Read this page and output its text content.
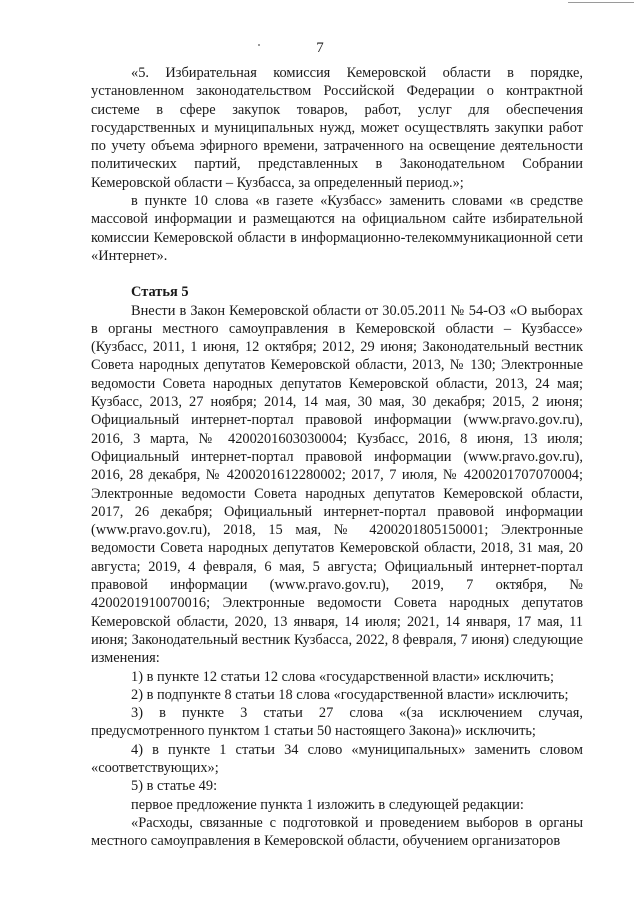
7

«5. Избирательная комиссия Кемеровской области в порядке, установленном законодательством Российской Федерации о контрактной системе в сфере закупок товаров, работ, услуг для обеспечения государственных и муниципальных нужд, может осуществлять закупки работ по учету объема эфирного времени, затраченного на освещение деятельности политических партий, представленных в Законодательном Собрании Кемеровской области – Кузбасса, за определенный период.»;

в пункте 10 слова «в газете «Кузбасс» заменить словами «в средстве массовой информации и размещаются на официальном сайте избирательной комиссии Кемеровской области в информационно-телекоммуникационной сети «Интернет».

Статья 5

Внести в Закон Кемеровской области от 30.05.2011 № 54-ОЗ «О выборах в органы местного самоуправления в Кемеровской области – Кузбассе» (Кузбасс, 2011, 1 июня, 12 октября; 2012, 29 июня; Законодательный вестник Совета народных депутатов Кемеровской области, 2013, № 130; Электронные ведомости Совета народных депутатов Кемеровской области, 2013, 24 мая; Кузбасс, 2013, 27 ноября; 2014, 14 мая, 30 мая, 30 декабря; 2015, 2 июня; Официальный интернет-портал правовой информации (www.pravo.gov.ru), 2016, 3 марта, № 4200201603030004; Кузбасс, 2016, 8 июня, 13 июля; Официальный интернет-портал правовой информации (www.pravo.gov.ru), 2016, 28 декабря, № 4200201612280002; 2017, 7 июля, № 4200201707070004; Электронные ведомости Совета народных депутатов Кемеровской области, 2017, 26 декабря; Официальный интернет-портал правовой информации (www.pravo.gov.ru), 2018, 15 мая, № 4200201805150001; Электронные ведомости Совета народных депутатов Кемеровской области, 2018, 31 мая, 20 августа; 2019, 4 февраля, 6 мая, 5 августа; Официальный интернет-портал правовой информации (www.pravo.gov.ru), 2019, 7 октября, № 4200201910070016; Электронные ведомости Совета народных депутатов Кемеровской области, 2020, 13 января, 14 июля; 2021, 14 января, 17 мая, 11 июня; Законодательный вестник Кузбасса, 2022, 8 февраля, 7 июня) следующие изменения:

1) в пункте 12 статьи 12 слова «государственной власти» исключить;

2) в подпункте 8 статьи 18 слова «государственной власти» исключить;

3) в пункте 3 статьи 27 слова «(за исключением случая, предусмотренного пунктом 1 статьи 50 настоящего Закона)» исключить;

4) в пункте 1 статьи 34 слово «муниципальных» заменить словом «соответствующих»;

5) в статье 49:

первое предложение пункта 1 изложить в следующей редакции:

«Расходы, связанные с подготовкой и проведением выборов в органы местного самоуправления в Кемеровской области, обучением организаторов
